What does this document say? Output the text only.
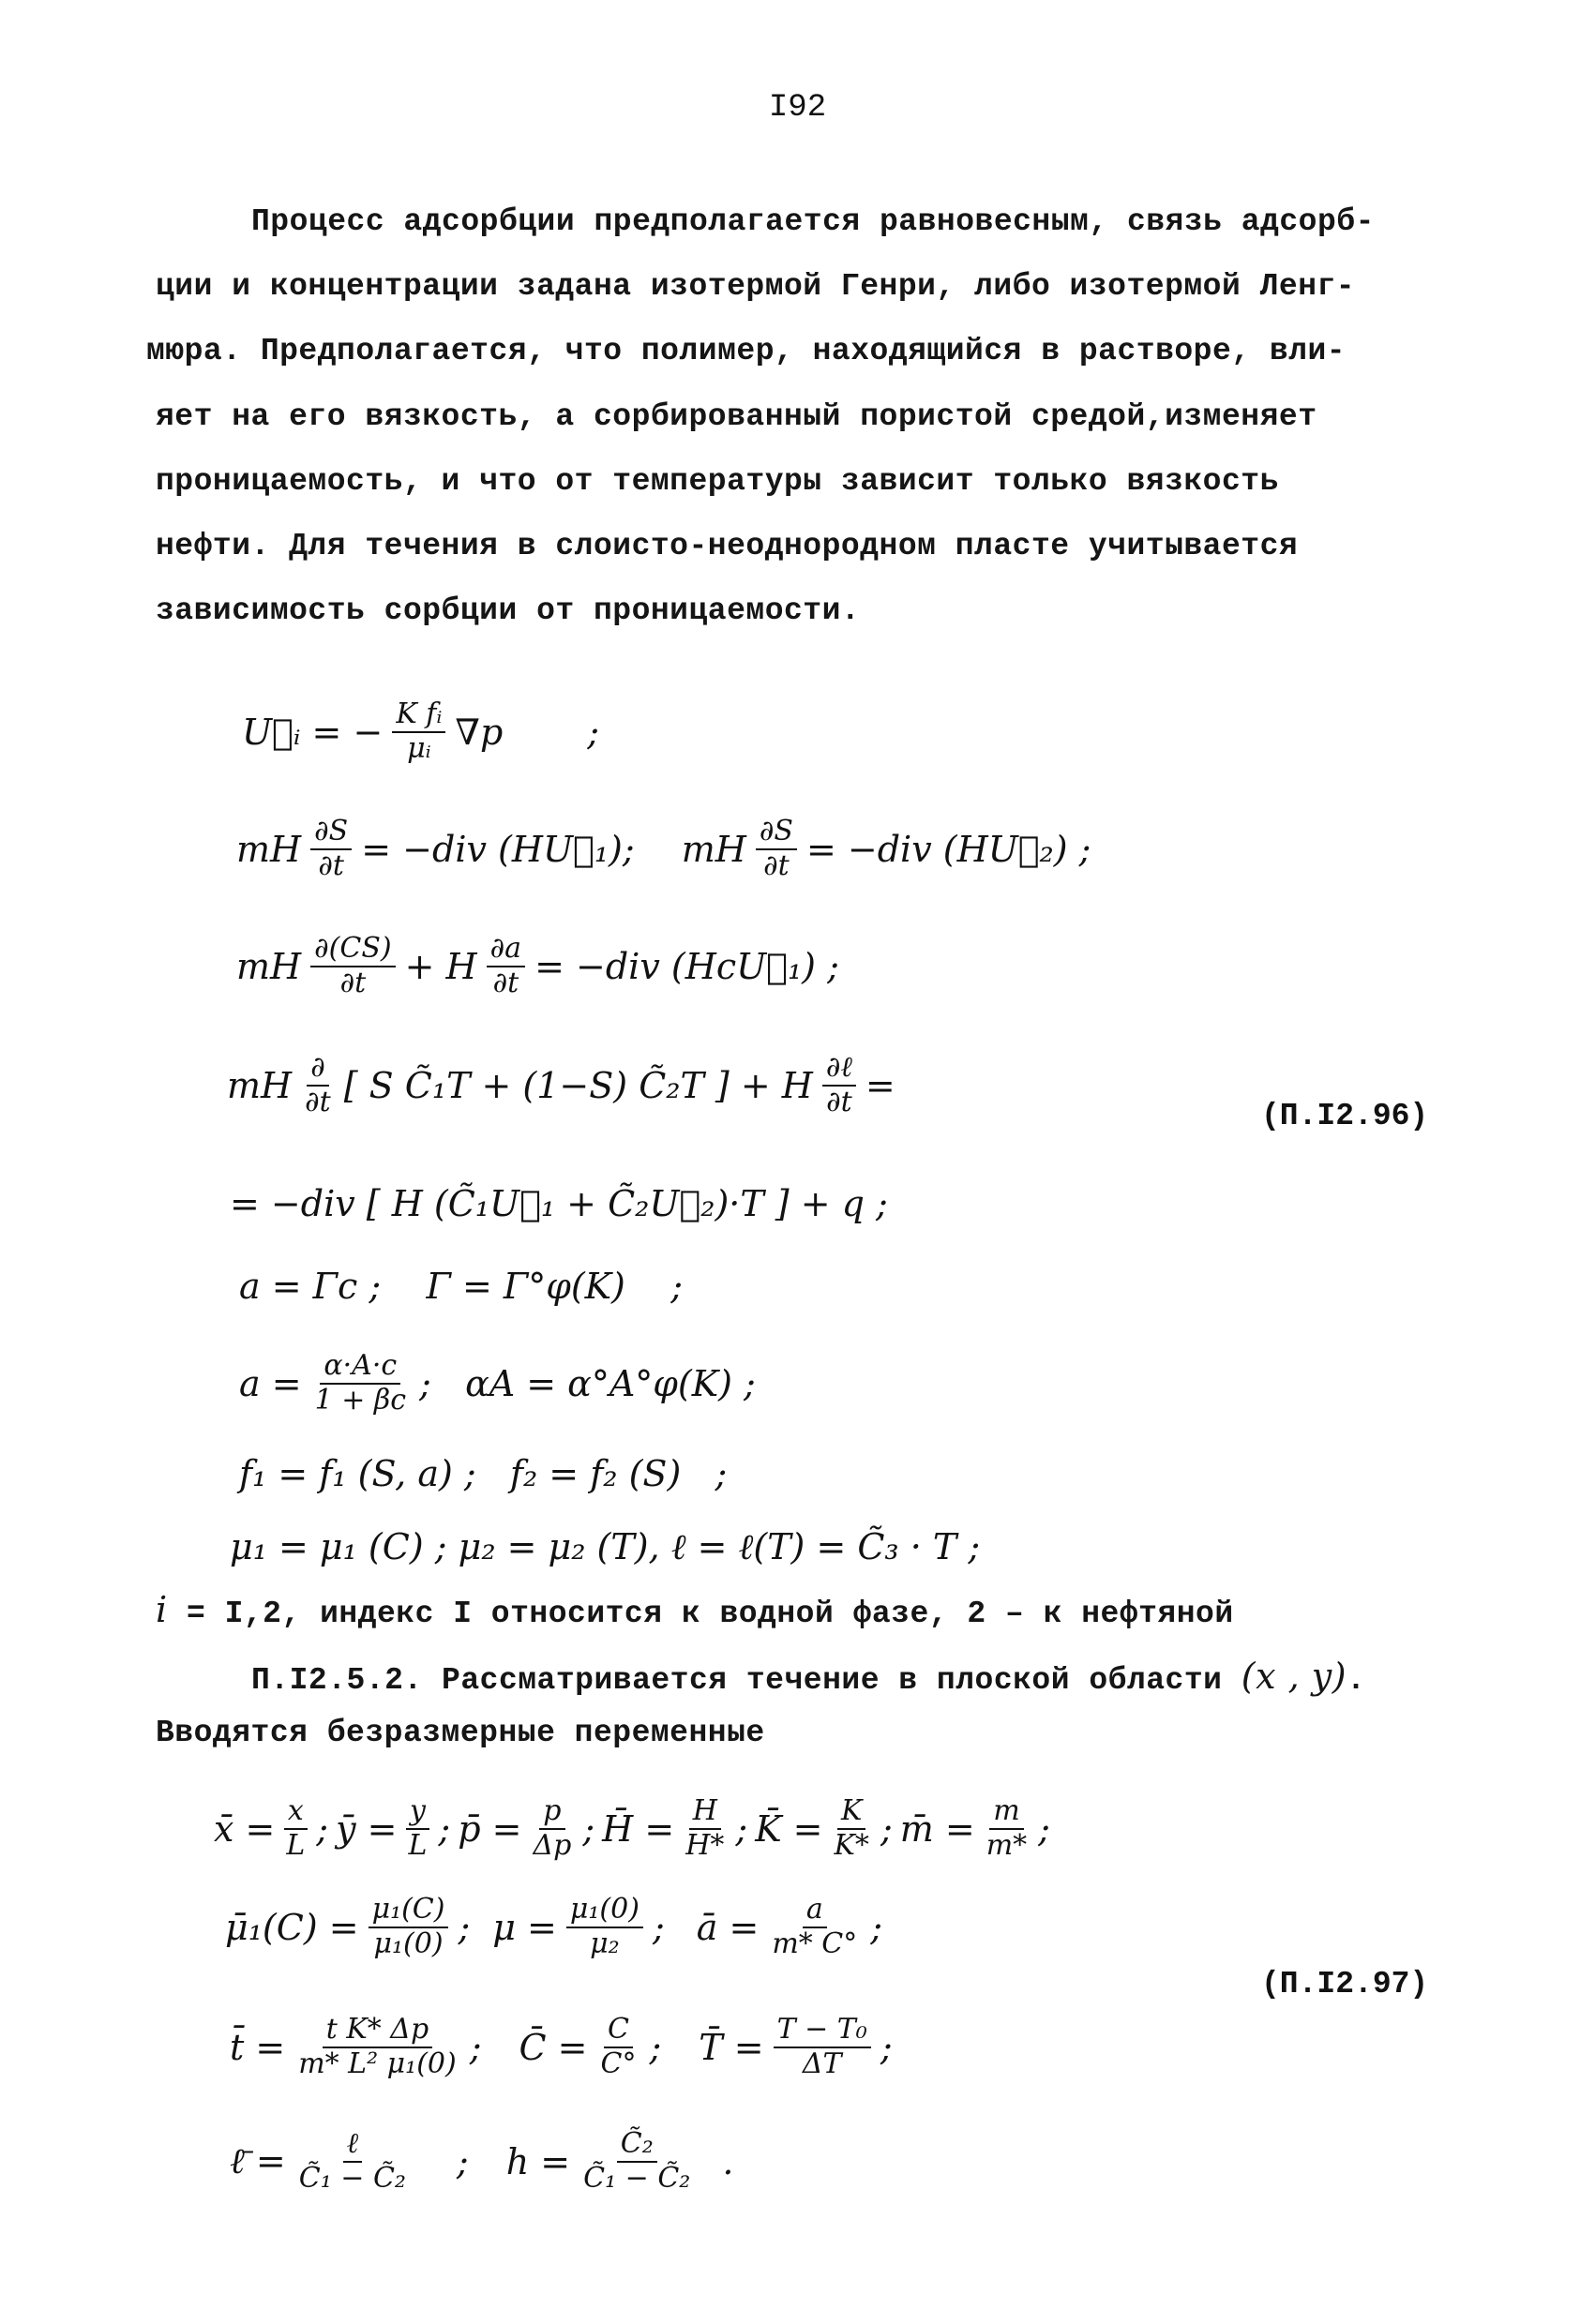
I92
Процесс адсорбции предполагается равновесным, связь адсорб-
ции и концентрации задана изотермой Генри, либо изотермой Ленг-
мюра. Предполагается, что полимер, находящийся в растворе, вли-
яет на его вязкость, а сорбированный пористой средой,изменяет
проницаемость, и что от температуры зависит только вязкость
нефти. Для течения в слоисто-неоднородном пласте учитывается
зависимость сорбции от проницаемости.
U⃗ᵢ = − $\frac{\text{K fᵢ}}{\text{μᵢ}} \nabla p$ ;
mH $\frac{\partial S}{\partial t} = -div$ (HU⃗₁); mH $\frac{\partial S}{\partial t} = -div$ (HU⃗₂) ;
mH $\frac{\partial(CS)}{\partial t} + H \frac{\partial a}{\partial t} = -div$ (HcU⃗₁) ;
mH $\frac{\partial}{\partial t}$ [ S C̃₁T + (1−S) C̃₂T ] + H $\frac{\text{∂ℓ}}{\partial t}$ =
(П.I2.96)
= −div [ H (C̃₁U⃗₁ + C̃₂U⃗₂)·T ] + q ;
a = Γc ;    Γ = Γ°φ(K)    ;
$a = \frac{\alpha\cdot A\cdot c}{1 + \beta c}$ ;   αA = α°A°φ(K) ;
f₁ = f₁ (S, a) ;   f₂ = f₂ (S)   ;
μ₁ = μ₁ (C) ; μ₂ = μ₂ (T), ℓ = ℓ(T) = C̃₃ · T ;
i = I,2, индекс I относится к водной фазе, 2 – к нефтяной
П.I2.5.2. Рассматривается течение в плоской области (x , y).
Вводятся безразмерные переменные
x̄ = $\frac{x}{L}$ ; ȳ = $\frac{y}{L}$ ; p̄ = $\frac{p}{\Delta p}$ ; H̄ = $\frac{H}{H*}$ ; K̄ = $\frac{K}{K*}$ ; m̄ = $\frac{m}{m*}$ ;
μ̄₁(C) = $\frac{\text{μ₁(C)}}{\text{μ₁(0)}}$ ; $\mu = \frac{\text{μ₁(0)}}{\text{μ₂}}$ ; ā = $\frac{a}{m* C^\circ}$ ;
(П.I2.97)
t̄ = $\frac{\text{t K* Δp}}{\text{m* L² μ₁(0)}}$ ; C̄ = $\frac{C}{C^\circ}$ ; T̄ = $\frac{\text{T − T₀}}{\Delta T}$ ;
ℓ̄ = $\frac{\text{ℓ}}{\text{C̃₁ − C̃₂}}$ ; $h = \frac{\text{C̃₂}}{\text{C̃₁ − C̃₂}}$ .
